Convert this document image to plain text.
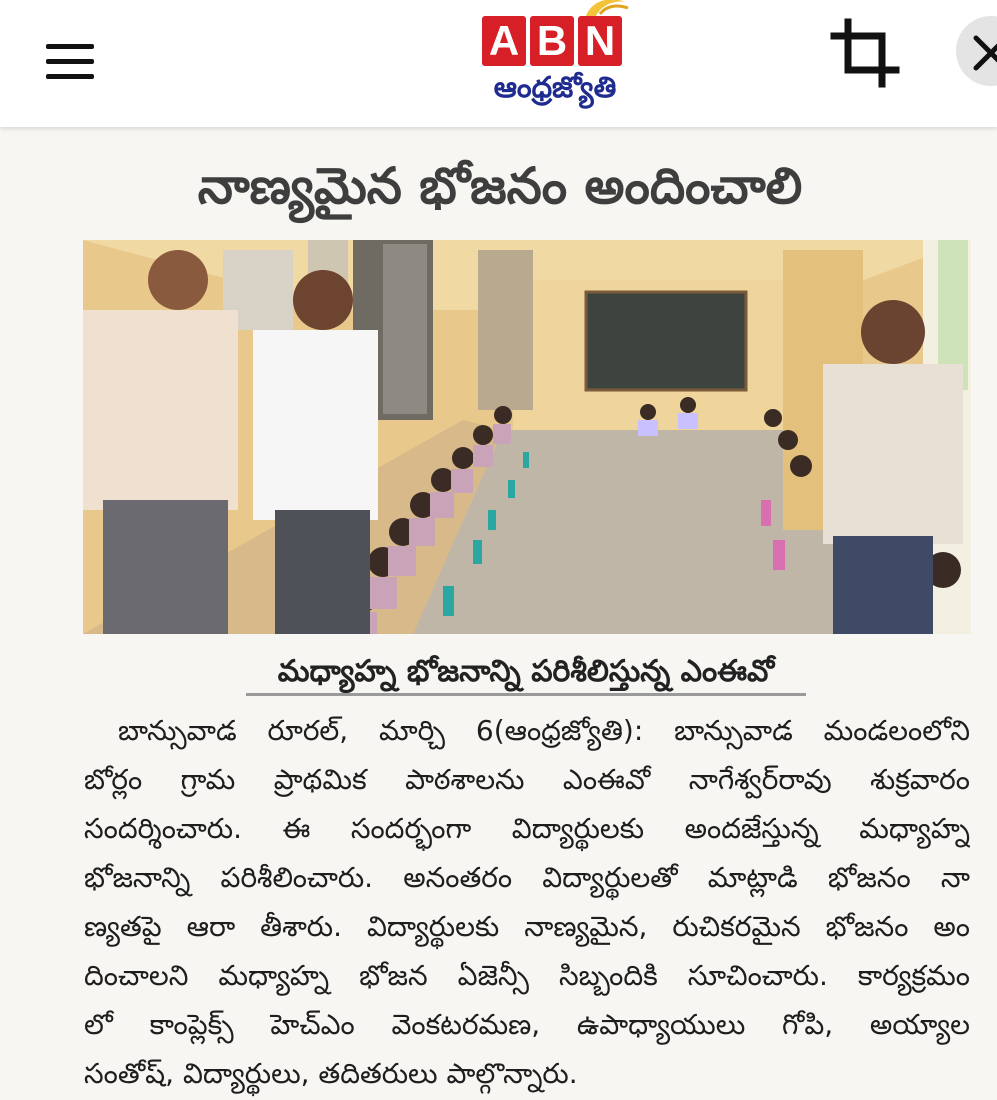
A B N
ఆంధ్రజ్యోతి
నాణ్యమైన భోజనం అందించాలి
మధ్యాహ్న భోజనాన్ని పరిశీలిస్తున్న ఎంఈవో
బాన్సువాడ రూరల్, మార్చి 6(ఆంధ్రజ్యోతి): బాన్సువాడ మండలంలోని
బోర్లం గ్రామ ప్రాథమిక పాఠశాలను ఎంఈవో నాగేశ్వర్‌రావు శుక్రవారం
సందర్శించారు. ఈ సందర్భంగా విద్యార్థులకు అందజేస్తున్న మధ్యాహ్న
భోజనాన్ని పరిశీలించారు. అనంతరం విద్యార్థులతో మాట్లాడి భోజనం నా
ణ్యతపై ఆరా తీశారు. విద్యార్థులకు నాణ్యమైన, రుచికరమైన భోజనం అం
దించాలని మధ్యాహ్న భోజన ఏజెన్సీ సిబ్బందికి సూచించారు. కార్యక్రమం
లో కాంప్లెక్స్ హెచ్‌ఎం వెంకటరమణ, ఉపాధ్యాయులు గోపి, అయ్యాల
సంతోష్, విద్యార్థులు, తదితరులు పాల్గొన్నారు.
